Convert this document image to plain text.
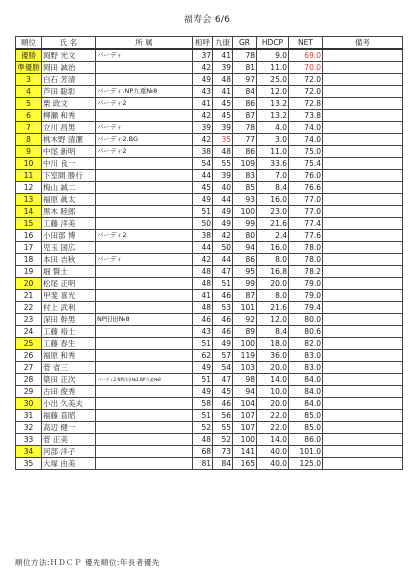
福寿会 6/6
順位	氏 名	所 属	相呼	九康	GR	HDCP	NET	備考
優勝	岡野 光文	バーディ	37	41	78	9.0	69.0	
準優勝	岡田 誠治		42	39	81	11.0	70.0	
3	白石 芳清		49	48	97	25.0	72.0	
4	芦田 聡彰	バーディ.NP九重№8	43	41	84	12.0	72.0	
5	栗 政文	バーディ2	41	45	86	13.2	72.8	
6	柳瀬 和秀		42	45	87	13.2	73.8	
7	立川 昌男	バーディ	39	39	78	4.0	74.0	
8	桃木野 清潔	バーディ2.BG	42	35	77	3.0	74.0	
9	中尾 新明	バーディ2	38	48	86	11.0	75.0	
10	中川 良一		54	55	109	33.6	75.4	
11	下室間 勝行		44	39	83	7.0	76.0	
12	梅山 誠二		45	40	85	8.4	76.6	
13	福原 眞太		49	44	93	16.0	77.0	
14	黒木 睦郎		51	49	100	23.0	77.0	
15	工藤 洋美		50	49	99	21.6	77.4	
16	小田部 博	バーディ2	38	42	80	2.4	77.6	
17	児玉 国広		44	50	94	16.0	78.0	
18	本田 吉秋	バーディ	42	44	86	8.0	78.0	
19	堀 賢士		48	47	95	16.8	78.2	
20	松尾 正明		48	51	99	20.0	79.0	
21	甲斐 喜光		41	46	87	8.0	79.0	
22	村上 武利		48	53	101	21.6	79.4	
23	深田 幹男	NP旧田№8	46	46	92	12.0	80.0	
24	工藤 裕士		43	46	89	8.4	80.6	
25	工藤 春生		51	49	100	18.0	82.0	
26	福原 和秀		62	57	119	36.0	83.0	
27	菅 省三		49	54	103	20.0	83.0	
28	簗田 正次	バーディ2.NP旧田№3.NP九重№8	51	47	98	14.0	84.0	
29	古田 俊秀		49	45	94	10.0	84.0	
30	小出 久美夫		58	46	104	20.0	84.0	
31	福藤 直昭		51	56	107	22.0	85.0	
32	高辺 健一		52	55	107	22.0	85.0	
33	菅 正美		48	52	100	14.0	86.0	
34	河部 洋子		68	73	141	40.0	101.0	
35	大塚 由美		81	84	165	40.0	125.0	
順位方法:ＨＤＣＰ 優先順位:年長者優先
